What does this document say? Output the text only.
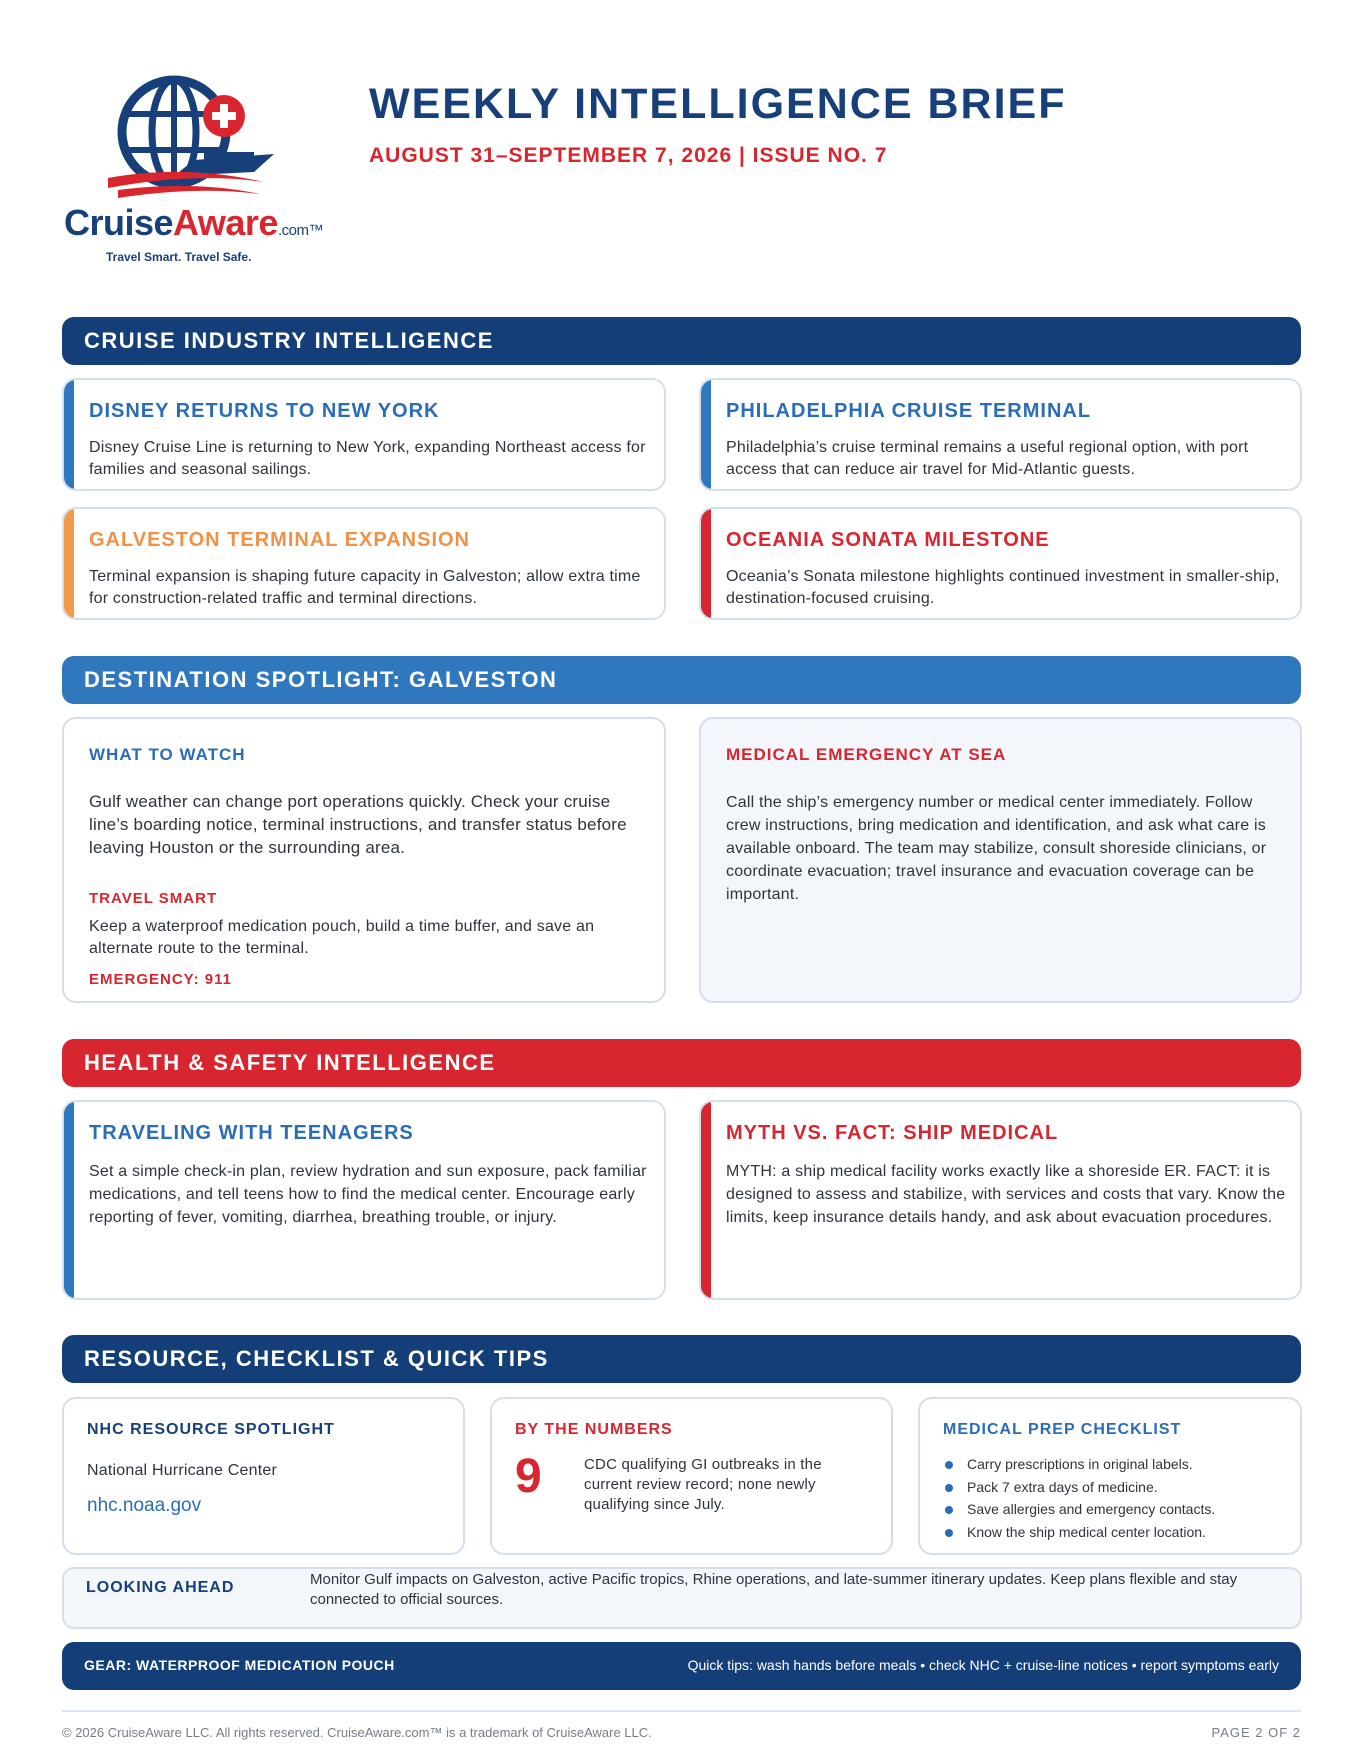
CruiseAware.com™
Travel Smart. Travel Safe.
WEEKLY INTELLIGENCE BRIEF
AUGUST 31–SEPTEMBER 7, 2026 | ISSUE NO. 7
CRUISE INDUSTRY INTELLIGENCE
DISNEY RETURNS TO NEW YORK
Disney Cruise Line is returning to New York, expanding Northeast access for families and seasonal sailings.
PHILADELPHIA CRUISE TERMINAL
Philadelphia’s cruise terminal remains a useful regional option, with port access that can reduce air travel for Mid-Atlantic guests.
GALVESTON TERMINAL EXPANSION
Terminal expansion is shaping future capacity in Galveston; allow extra time for construction-related traffic and terminal directions.
OCEANIA SONATA MILESTONE
Oceania’s Sonata milestone highlights continued investment in smaller-ship, destination-focused cruising.
DESTINATION SPOTLIGHT: GALVESTON
WHAT TO WATCH
Gulf weather can change port operations quickly. Check your cruise line’s boarding notice, terminal instructions, and transfer status before leaving Houston or the surrounding area.
TRAVEL SMART
Keep a waterproof medication pouch, build a time buffer, and save an alternate route to the terminal.
EMERGENCY: 911
MEDICAL EMERGENCY AT SEA
Call the ship’s emergency number or medical center immediately. Follow crew instructions, bring medication and identification, and ask what care is available onboard. The team may stabilize, consult shoreside clinicians, or coordinate evacuation; travel insurance and evacuation coverage can be important.
HEALTH & SAFETY INTELLIGENCE
TRAVELING WITH TEENAGERS
Set a simple check-in plan, review hydration and sun exposure, pack familiar medications, and tell teens how to find the medical center. Encourage early reporting of fever, vomiting, diarrhea, breathing trouble, or injury.
MYTH VS. FACT: SHIP MEDICAL
MYTH: a ship medical facility works exactly like a shoreside ER. FACT: it is designed to assess and stabilize, with services and costs that vary. Know the limits, keep insurance details handy, and ask about evacuation procedures.
RESOURCE, CHECKLIST & QUICK TIPS
NHC RESOURCE SPOTLIGHT
National Hurricane Center
nhc.noaa.gov
BY THE NUMBERS
9	CDC qualifying GI outbreaks in the current review record; none newly qualifying since July.
MEDICAL PREP CHECKLIST
Carry prescriptions in original labels.
Pack 7 extra days of medicine.
Save allergies and emergency contacts.
Know the ship medical center location.
LOOKING AHEAD	Monitor Gulf impacts on Galveston, active Pacific tropics, Rhine operations, and late-summer itinerary updates. Keep plans flexible and stay connected to official sources.
GEAR: WATERPROOF MEDICATION POUCH	Quick tips: wash hands before meals • check NHC + cruise-line notices • report symptoms early
© 2026 CruiseAware LLC. All rights reserved. CruiseAware.com™ is a trademark of CruiseAware LLC.	PAGE 2 OF 2
